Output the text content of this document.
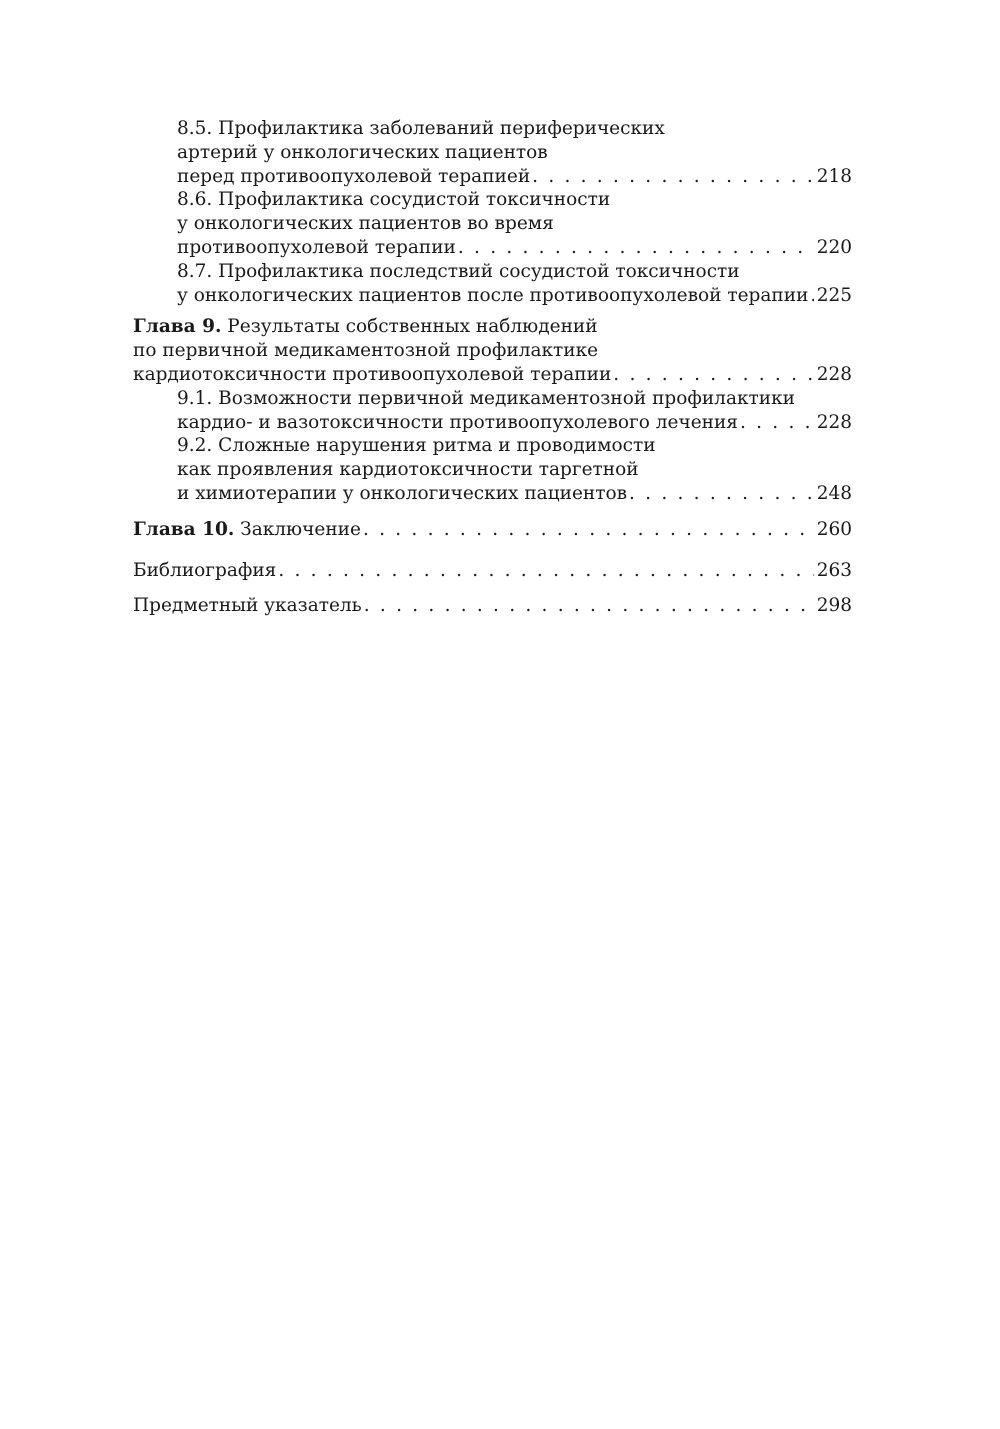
8.5. Профилактика заболеваний периферических
артерий у онкологических пациентов
перед противоопухолевой терапией . . .	218
8.6. Профилактика сосудистой токсичности
у онкологических пациентов во время
противоопухолевой терапии . . .	220
8.7. Профилактика последствий сосудистой токсичности
у онкологических пациентов после противоопухолевой терапии . . . 225
Глава 9. Результаты собственных наблюдений
по первичной медикаментозной профилактике
кардиотоксичности противоопухолевой терапии . . .	228
9.1. Возможности первичной медикаментозной профилактики
кардио- и вазотоксичности противоопухолевого лечения . . .	228
9.2. Сложные нарушения ритма и проводимости
как проявления кардиотоксичности таргетной
и химиотерапии у онкологических пациентов . . .	248
Глава 10. Заключение . . .	260
Библиография . . .	263
Предметный указатель . . .	298
